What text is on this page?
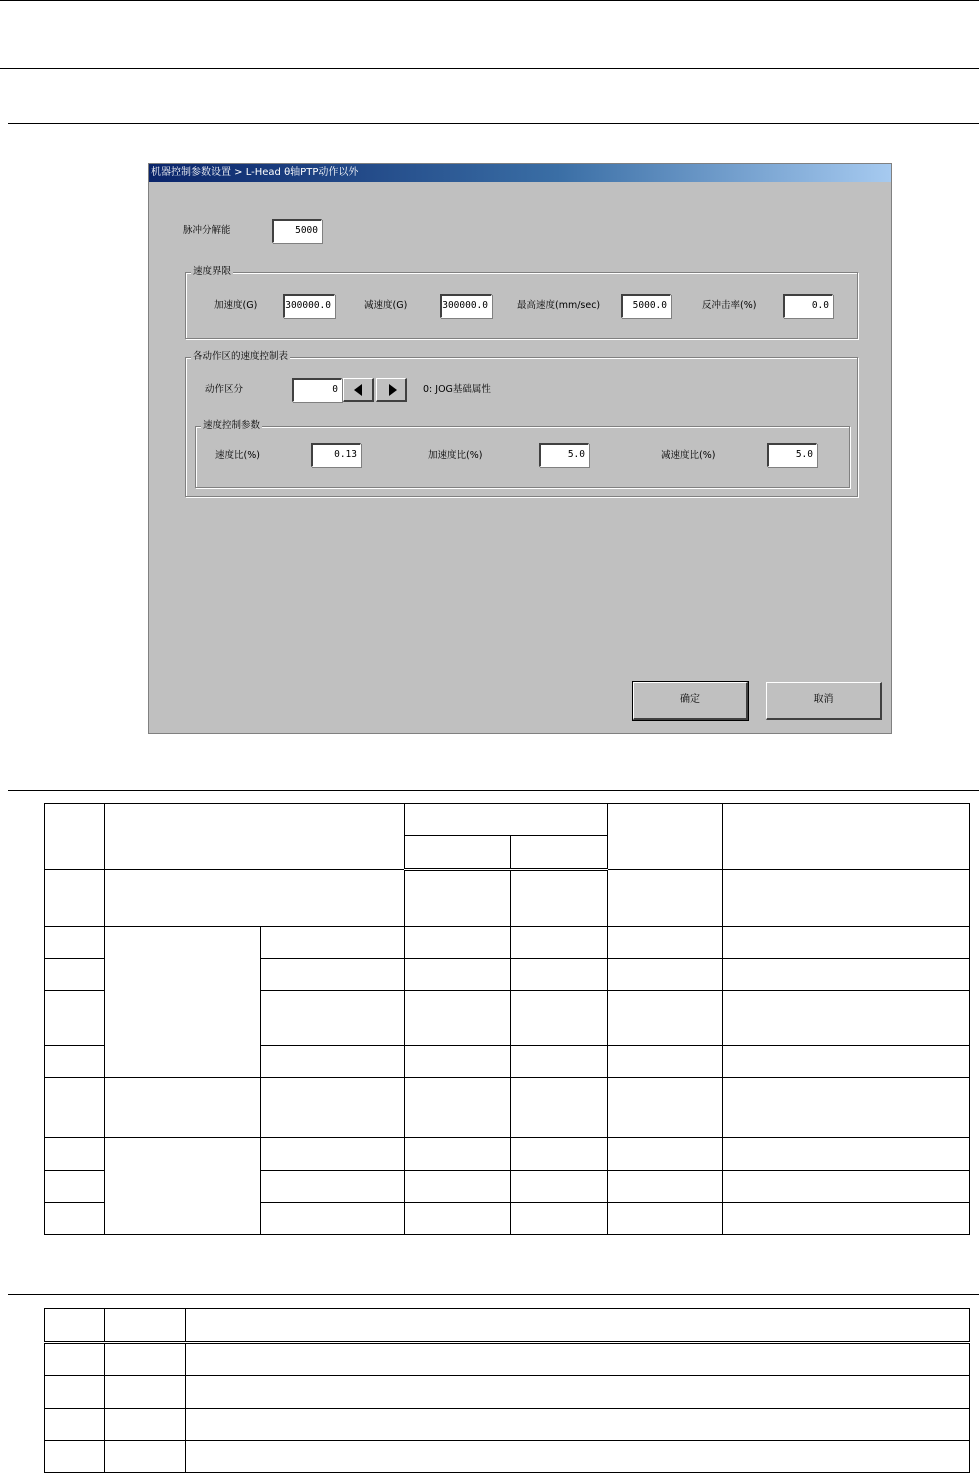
机器控制参数设置 > L-Head θ轴PTP动作以外
脉冲分解能	5000
速度界限
加速度(G)	300000.0	减速度(G)	300000.0	最高速度(mm/sec)	5000.0	反冲击率(%)	0.0
各动作区的速度控制表
动作区分	0	0: JOG基础属性
速度控制参数
速度比(%)	0.13	加速度比(%)	5.0	减速度比(%)	5.0
确定	取消
